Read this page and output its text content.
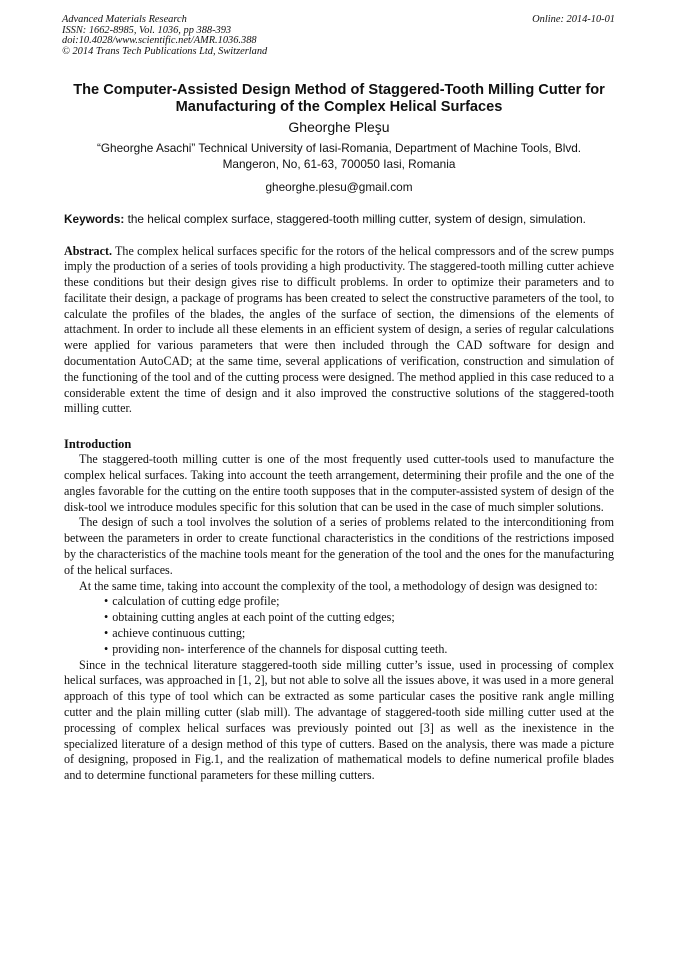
Advanced Materials Research
ISSN: 1662-8985, Vol. 1036, pp 388-393
doi:10.4028/www.scientific.net/AMR.1036.388
© 2014 Trans Tech Publications Ltd, Switzerland
Online: 2014-10-01
The Computer-Assisted Design Method of Staggered-Tooth Milling Cutter for Manufacturing of the Complex Helical Surfaces
Gheorghe Pleşu
“Gheorghe Asachi” Technical University of Iasi-Romania, Department of Machine Tools, Blvd. Mangeron, No, 61-63, 700050 Iasi, Romania
gheorghe.plesu@gmail.com
Keywords: the helical complex surface, staggered-tooth milling cutter, system of design, simulation.
Abstract. The complex helical surfaces specific for the rotors of the helical compressors and of the screw pumps imply the production of a series of tools providing a high productivity. The staggered-tooth milling cutter achieve these conditions but their design gives rise to difficult problems. In order to optimize their parameters and to facilitate their design, a package of programs has been created to select the constructive parameters of the tool, to calculate the profiles of the blades, the angles of the surface of section, the dimensions of the elements of attachment. In order to include all these elements in an efficient system of design, a series of regular calculations were applied for various parameters that were then included through the CAD software for design and documentation AutoCAD; at the same time, several applications of verification, construction and simulation of the functioning of the tool and of the cutting process were designed. The method applied in this case reduced to a considerable extent the time of design and it also improved the constructive solutions of the staggered-tooth milling cutter.
Introduction

The staggered-tooth milling cutter is one of the most frequently used cutter-tools used to manufacture the complex helical surfaces. Taking into account the teeth arrangement, determining their profile and the one of the angles favorable for the cutting on the entire tooth supposes that in the computer-assisted system of design of the disk-tool we introduce modules specific for this solution that can be used in the case of much simpler solutions.

The design of such a tool involves the solution of a series of problems related to the interconditioning from between the parameters in order to create functional characteristics in the conditions of the restrictions imposed by the characteristics of the machine tools meant for the generation of the tool and the ones for the manufacturing of the helical surfaces.

At the same time, taking into account the complexity of the tool, a methodology of design was designed to:

• calculation of cutting edge profile;
• obtaining cutting angles at each point of the cutting edges;
• achieve continuous cutting;
• providing non- interference of the channels for disposal cutting teeth.

Since in the technical literature staggered-tooth side milling cutter’s issue, used in processing of complex helical surfaces, was approached in [1, 2], but not able to solve all the issues above, it was used in a more general approach of this type of tool which can be extracted as some particular cases the positive rank angle milling cutter and the plain milling cutter (slab mill). The advantage of staggered-tooth side milling cutter used at the processing of complex helical surfaces was previously pointed out [3] as well as the inexistence in the specialized literature of a design method of this type of cutters. Based on the analysis, there was made a picture of designing, proposed in Fig.1, and the realization of mathematical models to define numerical profile blades and to determine functional parameters for these milling cutters.
